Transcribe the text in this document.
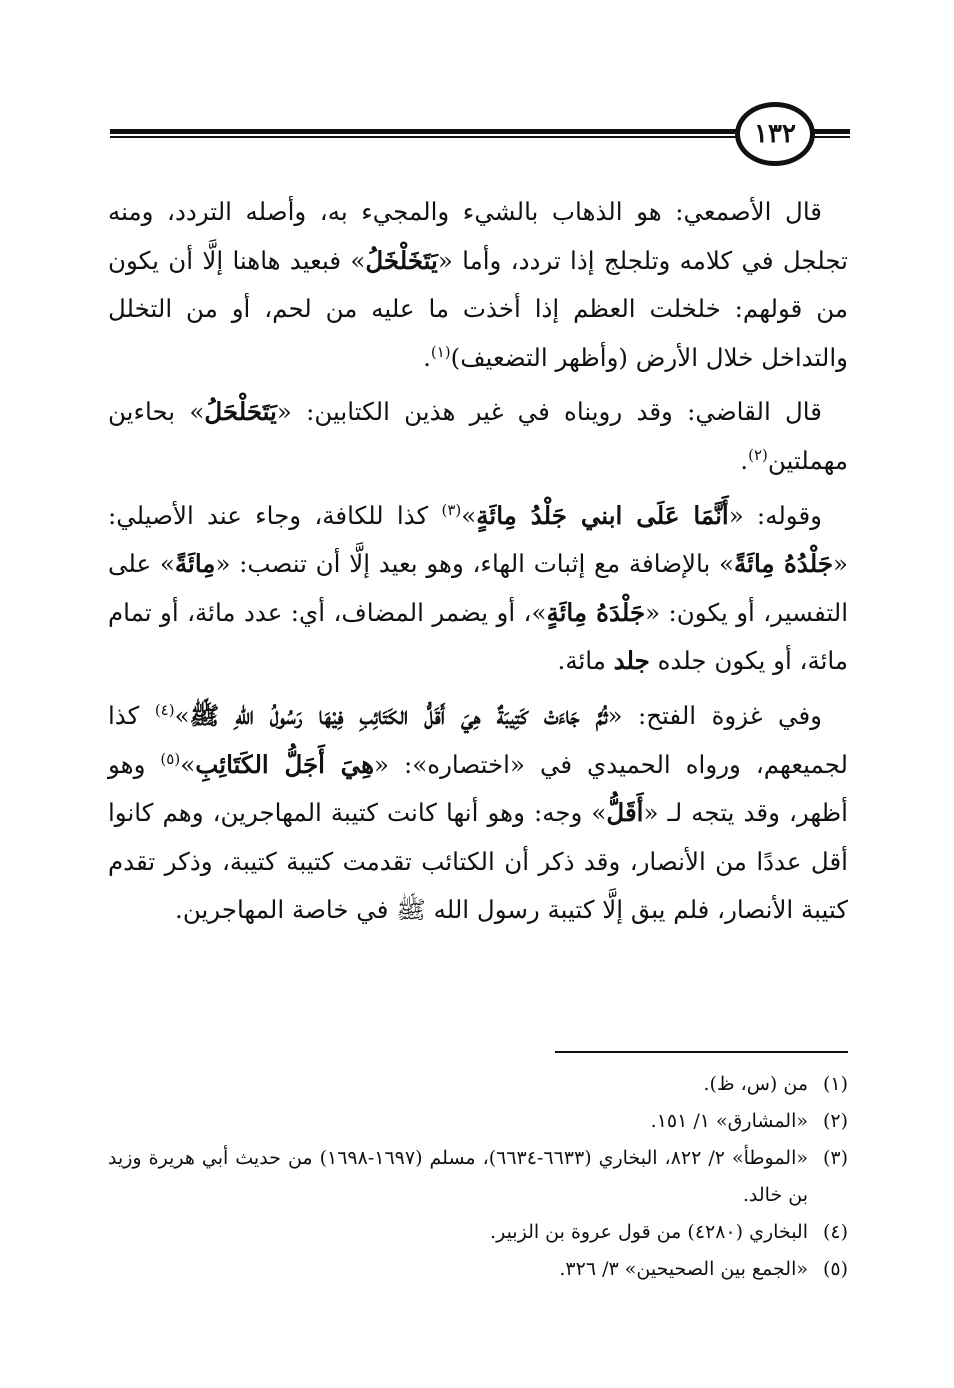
١٣٢

قال الأصمعي: هو الذهاب بالشيء والمجيء به، وأصله التردد، ومنه تجلجل في كلامه وتلجلج إذا تردد، وأما «يَتَخَلْخَلُ» فبعيد هاهنا إلَّا أن يكون من قولهم: خلخلت العظم إذا أخذت ما عليه من لحم، أو من التخلل والتداخل خلال الأرض (وأظهر التضعيف)$^{(١)}$.

قال القاضي: وقد رويناه في غير هذين الكتابين: «يَتَحَلْحَلُ» بحاءين مهملتين$^{(٢)}$.

وقوله: «أَنَّمَا عَلَى ابني جَلْدُ مِائَةٍ»$^{(٣)}$ كذا للكافة، وجاء عند الأصيلي: «جَلْدُهُ مِائَةً» بالإضافة مع إثبات الهاء، وهو بعيد إلَّا أن تنصب: «مِائَةً» على التفسير، أو يكون: «جَلْدَهُ مِائَةٍ»، أو يضمر المضاف، أي: عدد مائة، أو تمام مائة، أو يكون جلده جلد مائة.

وفي غزوة الفتح: «ثُمَّ جَاءَتْ كَتِيبَةٌ هِيَ أَقَلُّ الكَتَائِبِ فِيْهَا رَسُولُ اللهِ ﷺ»$^{(٤)}$ كذا لجميعهم، ورواه الحميدي في «اختصاره»: «هِيَ أَجَلُّ الكَتَائِبِ»$^{(٥)}$ وهو أظهر، وقد يتجه لـ «أَقَلُّ» وجه: وهو أنها كانت كتيبة المهاجرين، وهم كانوا أقل عددًا من الأنصار، وقد ذكر أن الكتائب تقدمت كتيبة كتيبة، وذكر تقدم كتيبة الأنصار، فلم يبق إلَّا كتيبة رسول الله ﷺ في خاصة المهاجرين.

(١)
من (س، ظ).
(٢)
«المشارق» ١/ ١٥١.
(٣)
«الموطأ» ٢/ ٨٢٢، البخاري (٦٦٣٣-٦٦٣٤)، مسلم (١٦٩٧-١٦٩٨) من حديث أبي هريرة وزيد بن خالد.
(٤)
البخاري (٤٢٨٠) من قول عروة بن الزبير.
(٥)
«الجمع بين الصحيحين» ٣/ ٣٢٦.
